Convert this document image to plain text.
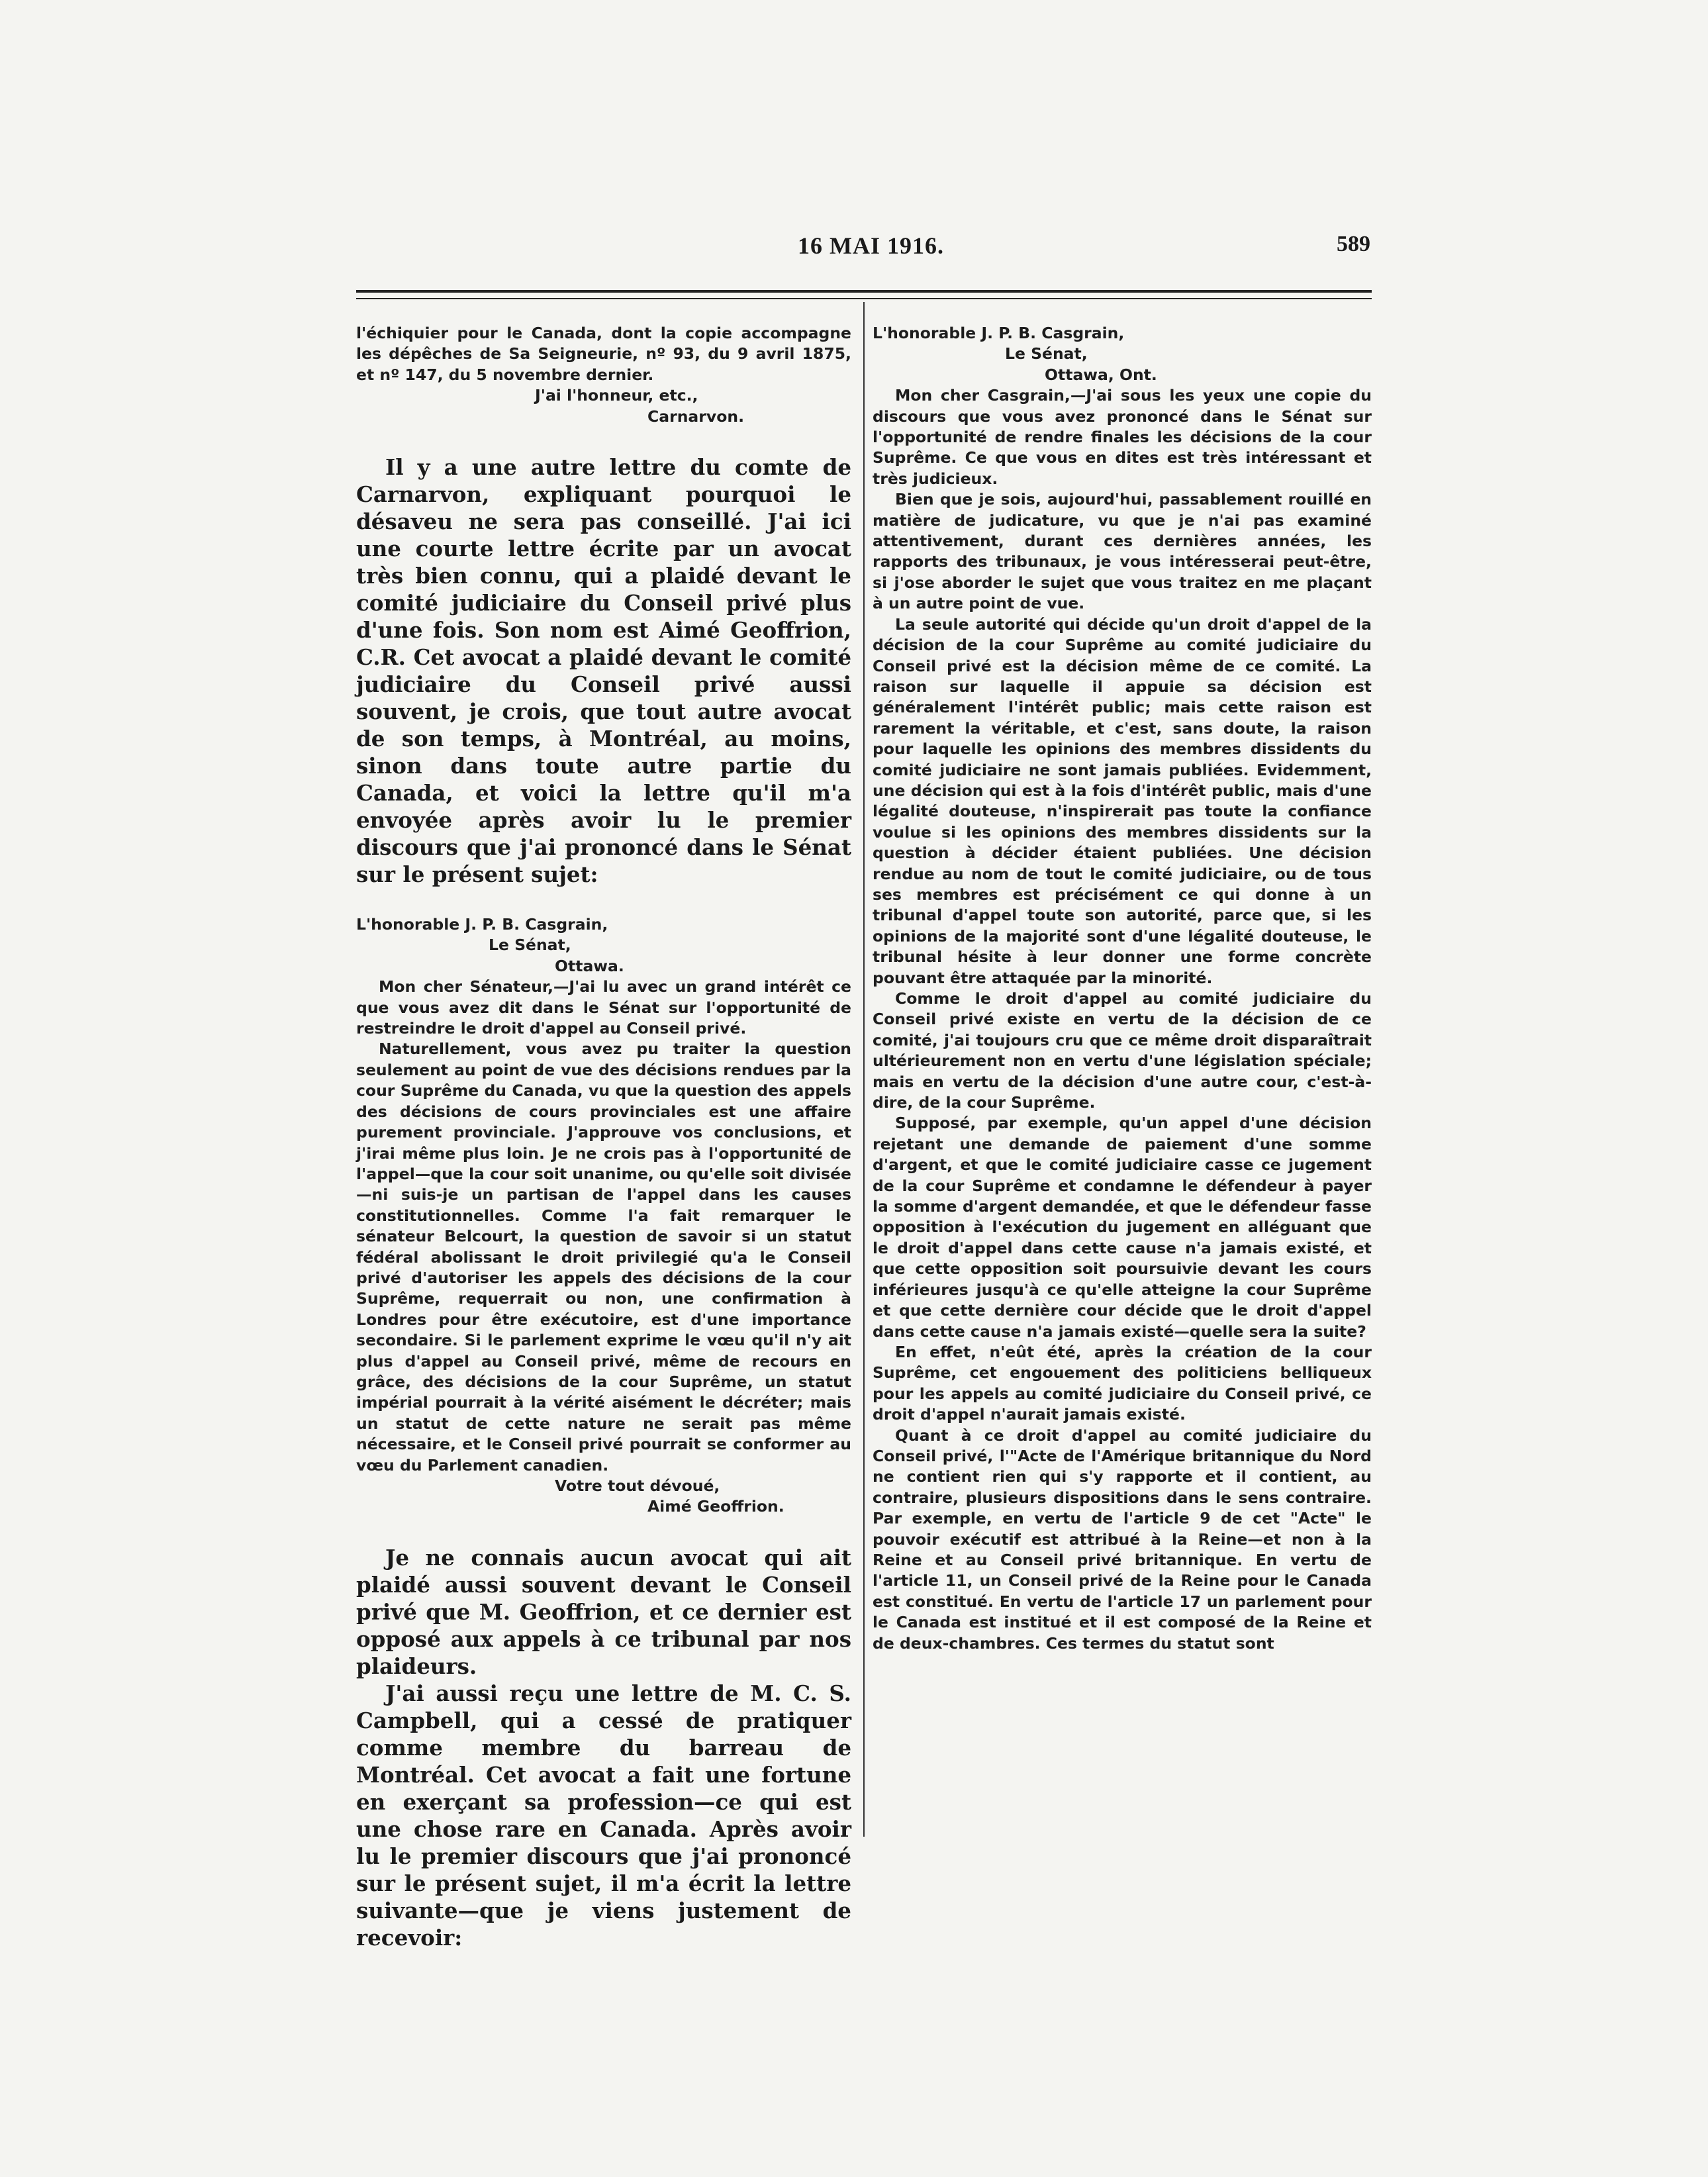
16 MAI 1916.	589

l'échiquier pour le Canada, dont la copie accompagne les dépêches de Sa Seigneurie, nº 93, du 9 avril 1875, et nº 147, du 5 novembre dernier.

J'ai l'honneur, etc.,

Carnarvon.

Il y a une autre lettre du comte de Carnarvon, expliquant pourquoi le désaveu ne sera pas conseillé. J'ai ici une courte lettre écrite par un avocat très bien connu, qui a plaidé devant le comité judiciaire du Conseil privé plus d'une fois. Son nom est Aimé Geoffrion, C.R. Cet avocat a plaidé devant le comité judiciaire du Conseil privé aussi souvent, je crois, que tout autre avocat de son temps, à Montréal, au moins, sinon dans toute autre partie du Canada, et voici la lettre qu'il m'a envoyée après avoir lu le premier discours que j'ai prononcé dans le Sénat sur le présent sujet:

L'honorable J. P. B. Casgrain,

Le Sénat,

Ottawa.

Mon cher Sénateur,—J'ai lu avec un grand intérêt ce que vous avez dit dans le Sénat sur l'opportunité de restreindre le droit d'appel au Conseil privé.

Naturellement, vous avez pu traiter la question seulement au point de vue des décisions rendues par la cour Suprême du Canada, vu que la question des appels des décisions de cours provinciales est une affaire purement provinciale. J'approuve vos conclusions, et j'irai même plus loin. Je ne crois pas à l'opportunité de l'appel—que la cour soit unanime, ou qu'elle soit divisée—ni suis-je un partisan de l'appel dans les causes constitutionnelles. Comme l'a fait remarquer le sénateur Belcourt, la question de savoir si un statut fédéral abolissant le droit privilegié qu'a le Conseil privé d'autoriser les appels des décisions de la cour Suprême, requerrait ou non, une confirmation à Londres pour être exécutoire, est d'une importance secondaire. Si le parlement exprime le vœu qu'il n'y ait plus d'appel au Conseil privé, même de recours en grâce, des décisions de la cour Suprême, un statut impérial pourrait à la vérité aisément le décréter; mais un statut de cette nature ne serait pas même nécessaire, et le Conseil privé pourrait se conformer au vœu du Parlement canadien.

Votre tout dévoué,

Aimé Geoffrion.

Je ne connais aucun avocat qui ait plaidé aussi souvent devant le Conseil privé que M. Geoffrion, et ce dernier est opposé aux appels à ce tribunal par nos plaideurs.

J'ai aussi reçu une lettre de M. C. S. Campbell, qui a cessé de pratiquer comme membre du barreau de Montréal. Cet avocat a fait une fortune en exerçant sa profession—ce qui est une chose rare en Canada. Après avoir lu le premier discours que j'ai prononcé sur le présent sujet, il m'a écrit la lettre suivante—que je viens justement de recevoir:

L'honorable J. P. B. Casgrain,

Le Sénat,

Ottawa, Ont.

Mon cher Casgrain,—J'ai sous les yeux une copie du discours que vous avez prononcé dans le Sénat sur l'opportunité de rendre finales les décisions de la cour Suprême. Ce que vous en dites est très intéressant et très judicieux.

Bien que je sois, aujourd'hui, passablement rouillé en matière de judicature, vu que je n'ai pas examiné attentivement, durant ces dernières années, les rapports des tribunaux, je vous intéresserai peut-être, si j'ose aborder le sujet que vous traitez en me plaçant à un autre point de vue.

La seule autorité qui décide qu'un droit d'appel de la décision de la cour Suprême au comité judiciaire du Conseil privé est la décision même de ce comité. La raison sur laquelle il appuie sa décision est généralement l'intérêt public; mais cette raison est rarement la véritable, et c'est, sans doute, la raison pour laquelle les opinions des membres dissidents du comité judiciaire ne sont jamais publiées. Evidemment, une décision qui est à la fois d'intérêt public, mais d'une légalité douteuse, n'inspirerait pas toute la confiance voulue si les opinions des membres dissidents sur la question à décider étaient publiées. Une décision rendue au nom de tout le comité judiciaire, ou de tous ses membres est précisément ce qui donne à un tribunal d'appel toute son autorité, parce que, si les opinions de la majorité sont d'une légalité douteuse, le tribunal hésite à leur donner une forme concrète pouvant être attaquée par la minorité.

Comme le droit d'appel au comité judiciaire du Conseil privé existe en vertu de la décision de ce comité, j'ai toujours cru que ce même droit disparaîtrait ultérieurement non en vertu d'une législation spéciale; mais en vertu de la décision d'une autre cour, c'est-à-dire, de la cour Suprême.

Supposé, par exemple, qu'un appel d'une décision rejetant une demande de paiement d'une somme d'argent, et que le comité judiciaire casse ce jugement de la cour Suprême et condamne le défendeur à payer la somme d'argent demandée, et que le défendeur fasse opposition à l'exécution du jugement en alléguant que le droit d'appel dans cette cause n'a jamais existé, et que cette opposition soit poursuivie devant les cours inférieures jusqu'à ce qu'elle atteigne la cour Suprême et que cette dernière cour décide que le droit d'appel dans cette cause n'a jamais existé—quelle sera la suite?

En effet, n'eût été, après la création de la cour Suprême, cet engouement des politiciens belliqueux pour les appels au comité judiciaire du Conseil privé, ce droit d'appel n'aurait jamais existé.

Quant à ce droit d'appel au comité judiciaire du Conseil privé, l'"Acte de l'Amérique britannique du Nord ne contient rien qui s'y rapporte et il contient, au contraire, plusieurs dispositions dans le sens contraire. Par exemple, en vertu de l'article 9 de cet "Acte" le pouvoir exécutif est attribué à la Reine—et non à la Reine et au Conseil privé britannique. En vertu de l'article 11, un Conseil privé de la Reine pour le Canada est constitué. En vertu de l'article 17 un parlement pour le Canada est institué et il est composé de la Reine et de deux-chambres. Ces termes du statut sont
